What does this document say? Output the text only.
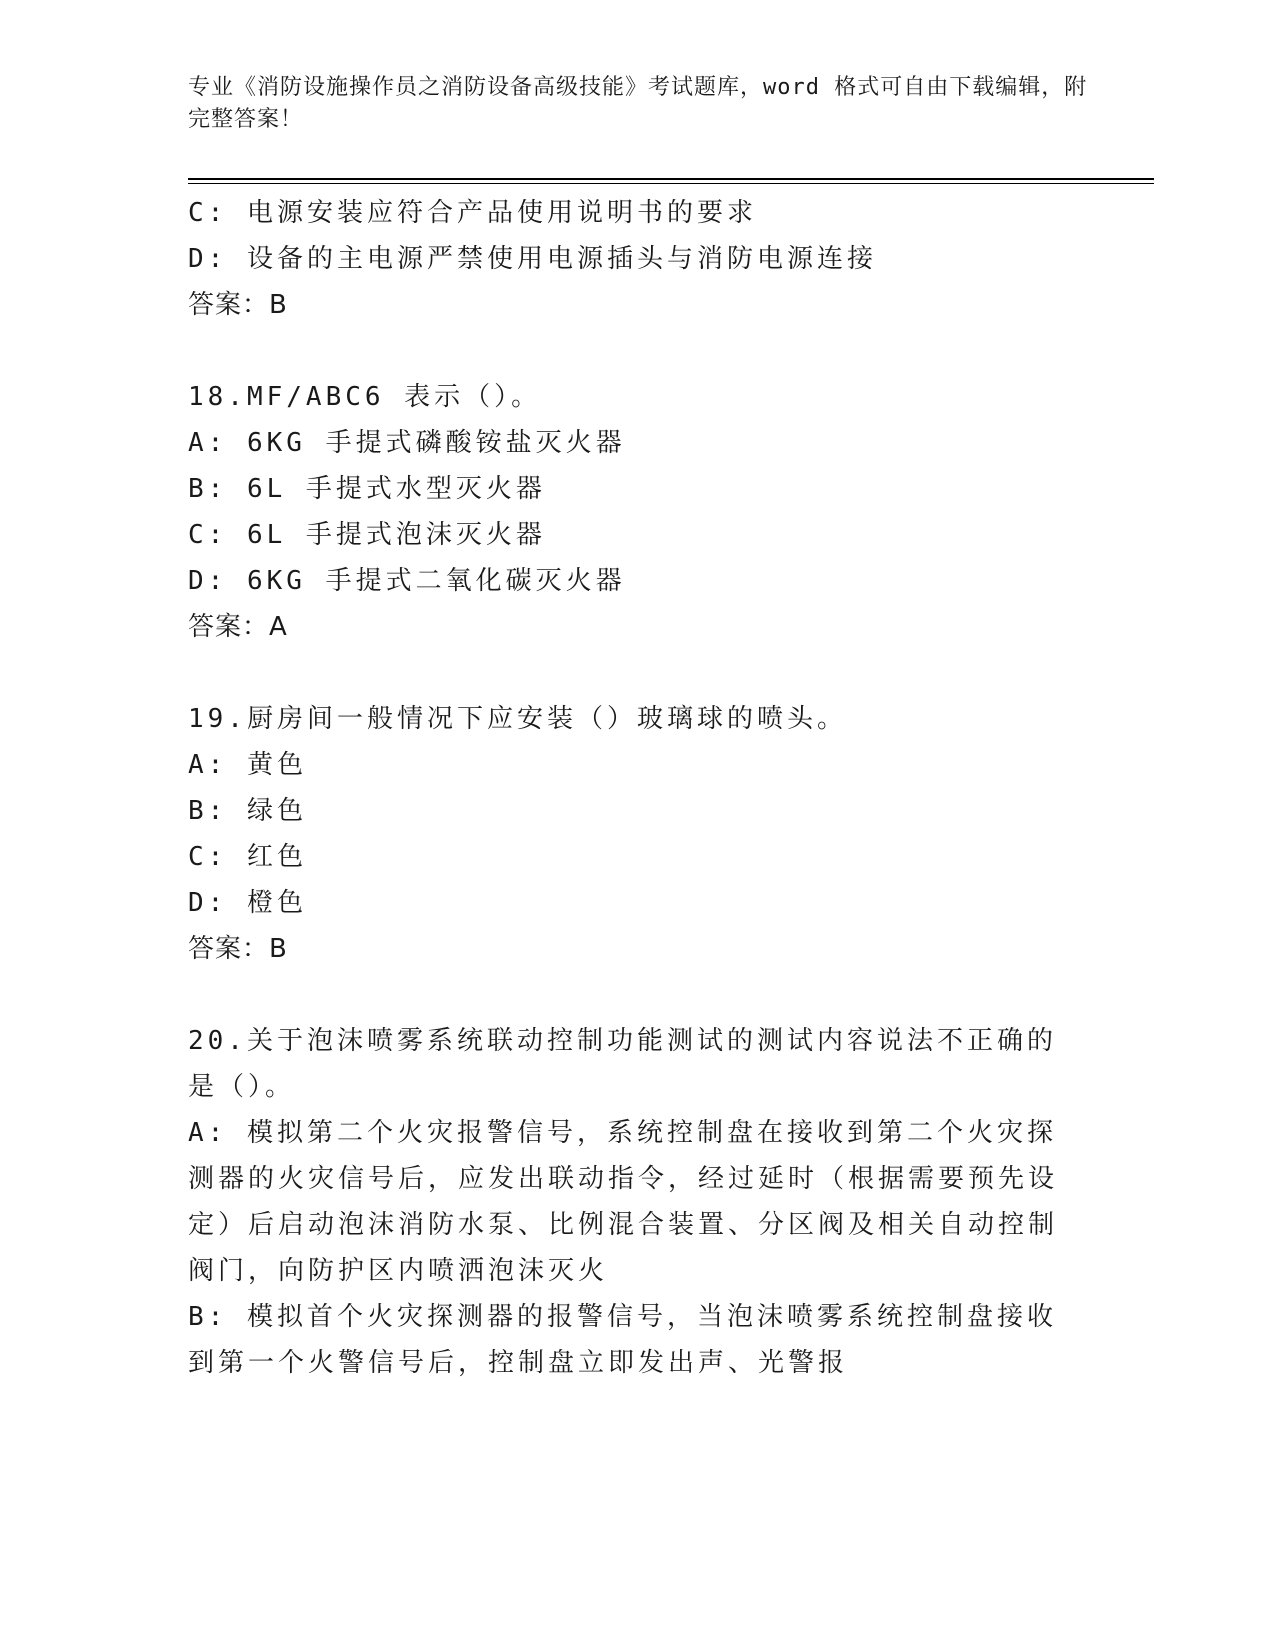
专业《消防设施操作员之消防设备高级技能》考试题库，word 格式可自由下载编辑，附完整答案！
C: 电源安装应符合产品使用说明书的要求
D: 设备的主电源严禁使用电源插头与消防电源连接
答案：B
18.MF/ABC6 表示（）。
A: 6KG 手提式磷酸铵盐灭火器
B: 6L 手提式水型灭火器
C: 6L 手提式泡沫灭火器
D: 6KG 手提式二氧化碳灭火器
答案：A
19.厨房间一般情况下应安装（）玻璃球的喷头。
A: 黄色
B: 绿色
C: 红色
D: 橙色
答案：B
20.关于泡沫喷雾系统联动控制功能测试的测试内容说法不正确的是（）。
A: 模拟第二个火灾报警信号，系统控制盘在接收到第二个火灾探测器的火灾信号后，应发出联动指令，经过延时（根据需要预先设定）后启动泡沫消防水泵、比例混合装置、分区阀及相关自动控制阀门，向防护区内喷洒泡沫灭火
B: 模拟首个火灾探测器的报警信号，当泡沫喷雾系统控制盘接收到第一个火警信号后，控制盘立即发出声、光警报
